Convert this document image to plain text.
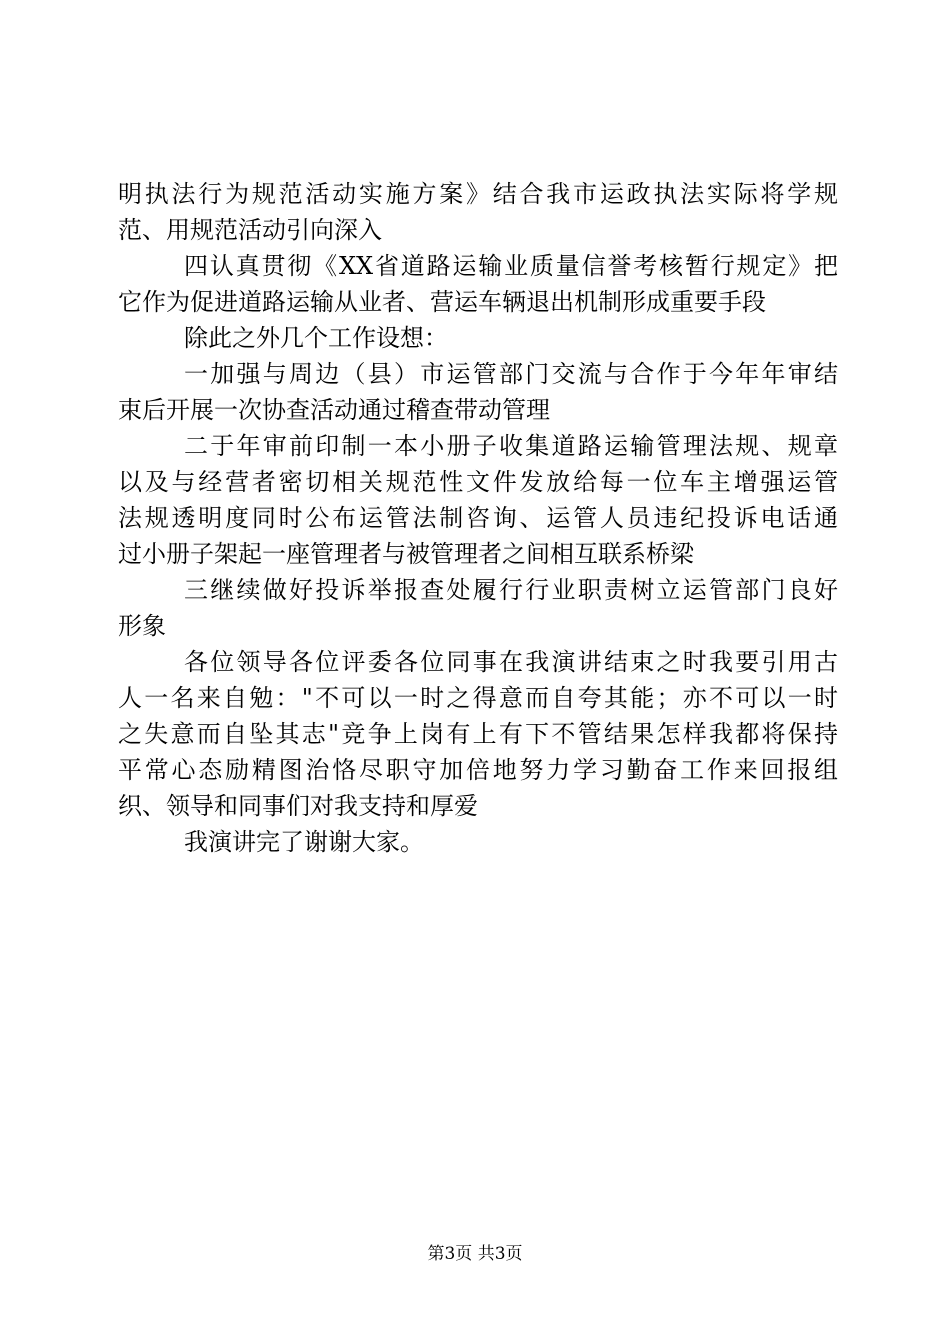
明执法行为规范活动实施方案》结合我市运政执法实际将学规
范、用规范活动引向深入
四认真贯彻《XX省道路运输业质量信誉考核暂行规定》把
它作为促进道路运输从业者、营运车辆退出机制形成重要手段
除此之外几个工作设想：
一加强与周边（县）市运管部门交流与合作于今年年审结
束后开展一次协查活动通过稽查带动管理
二于年审前印制一本小册子收集道路运输管理法规、规章
以及与经营者密切相关规范性文件发放给每一位车主增强运管
法规透明度同时公布运管法制咨询、运管人员违纪投诉电话通
过小册子架起一座管理者与被管理者之间相互联系桥梁
三继续做好投诉举报查处履行行业职责树立运管部门良好
形象
各位领导各位评委各位同事在我演讲结束之时我要引用古
人一名来自勉："不可以一时之得意而自夸其能；亦不可以一时
之失意而自坠其志"竞争上岗有上有下不管结果怎样我都将保持
平常心态励精图治恪尽职守加倍地努力学习勤奋工作来回报组
织、领导和同事们对我支持和厚爱
我演讲完了谢谢大家。
第3页 共3页
